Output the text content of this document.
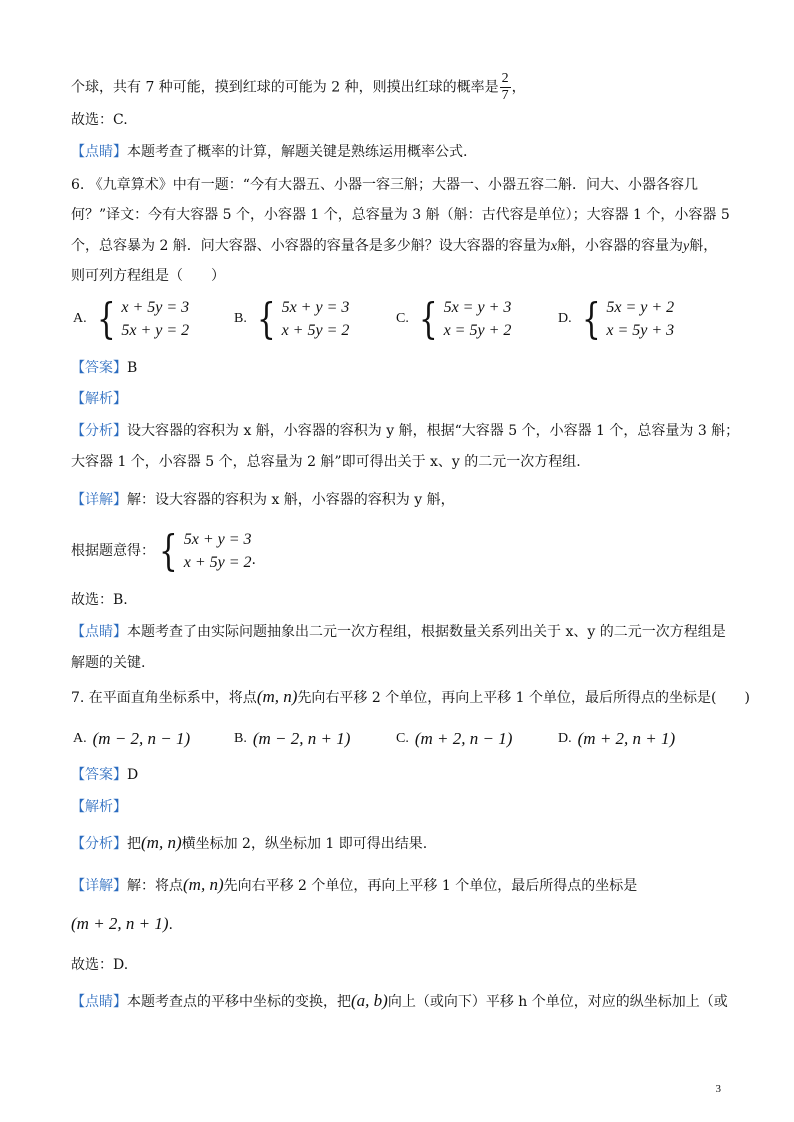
个球，共有 7 种可能，摸到红球的可能为 2 种，则摸出红球的概率是 $\frac{2}{7}$ ，
故选：C.
【点睛】本题考查了概率的计算，解题关键是熟练运用概率公式.
6. 《九章算术》中有一题：“今有大器五、小器一容三斛；大器一、小器五容二斛．问大、小器各容几
何？”译文：今有大容器 5 个，小容器 1 个，总容量为 3 斛（斛：古代容是单位）；大容器 1 个，小容器 5
个，总容暴为 2 斛．问大容器、小容器的容量各是多少斛？设大容器的容量为x斛，小容器的容量为y斛，
则可列方程组是（　　）
A. { x + 5y = 3
5x + y = 2
B. { 5x + y = 3
x + 5y = 2
C. { 5x = y + 3
x = 5y + 2
D. { 5x = y + 2
x = 5y + 3
【答案】B
【解析】
【分析】设大容器的容积为 x 斛，小容器的容积为 y 斛，根据“大容器 5 个，小容器 1 个，总容量为 3 斛；
大容器 1 个，小容器 5 个，总容量为 2 斛”即可得出关于 x、y 的二元一次方程组.
【详解】解：设大容器的容积为 x 斛，小容器的容积为 y 斛，
根据题意得： { 5x + y = 3
x + 5y = 2 .
故选：B.
【点睛】本题考查了由实际问题抽象出二元一次方程组，根据数量关系列出关于 x、y 的二元一次方程组是
解题的关键.
7. 在平面直角坐标系中，将点(m, n)先向右平移 2 个单位，再向上平移 1 个单位，最后所得点的坐标是(　　)
A. (m − 2, n − 1)	B. (m − 2, n + 1)	C. (m + 2, n − 1)	D. (m + 2, n + 1)
【答案】D
【解析】
【分析】把(m, n)横坐标加 2，纵坐标加 1 即可得出结果.
【详解】解：将点(m, n)先向右平移 2 个单位，再向上平移 1 个单位，最后所得点的坐标是
(m + 2, n + 1).
故选：D.
【点睛】本题考查点的平移中坐标的变换，把(a, b)向上（或向下）平移 h 个单位，对应的纵坐标加上（或
3
